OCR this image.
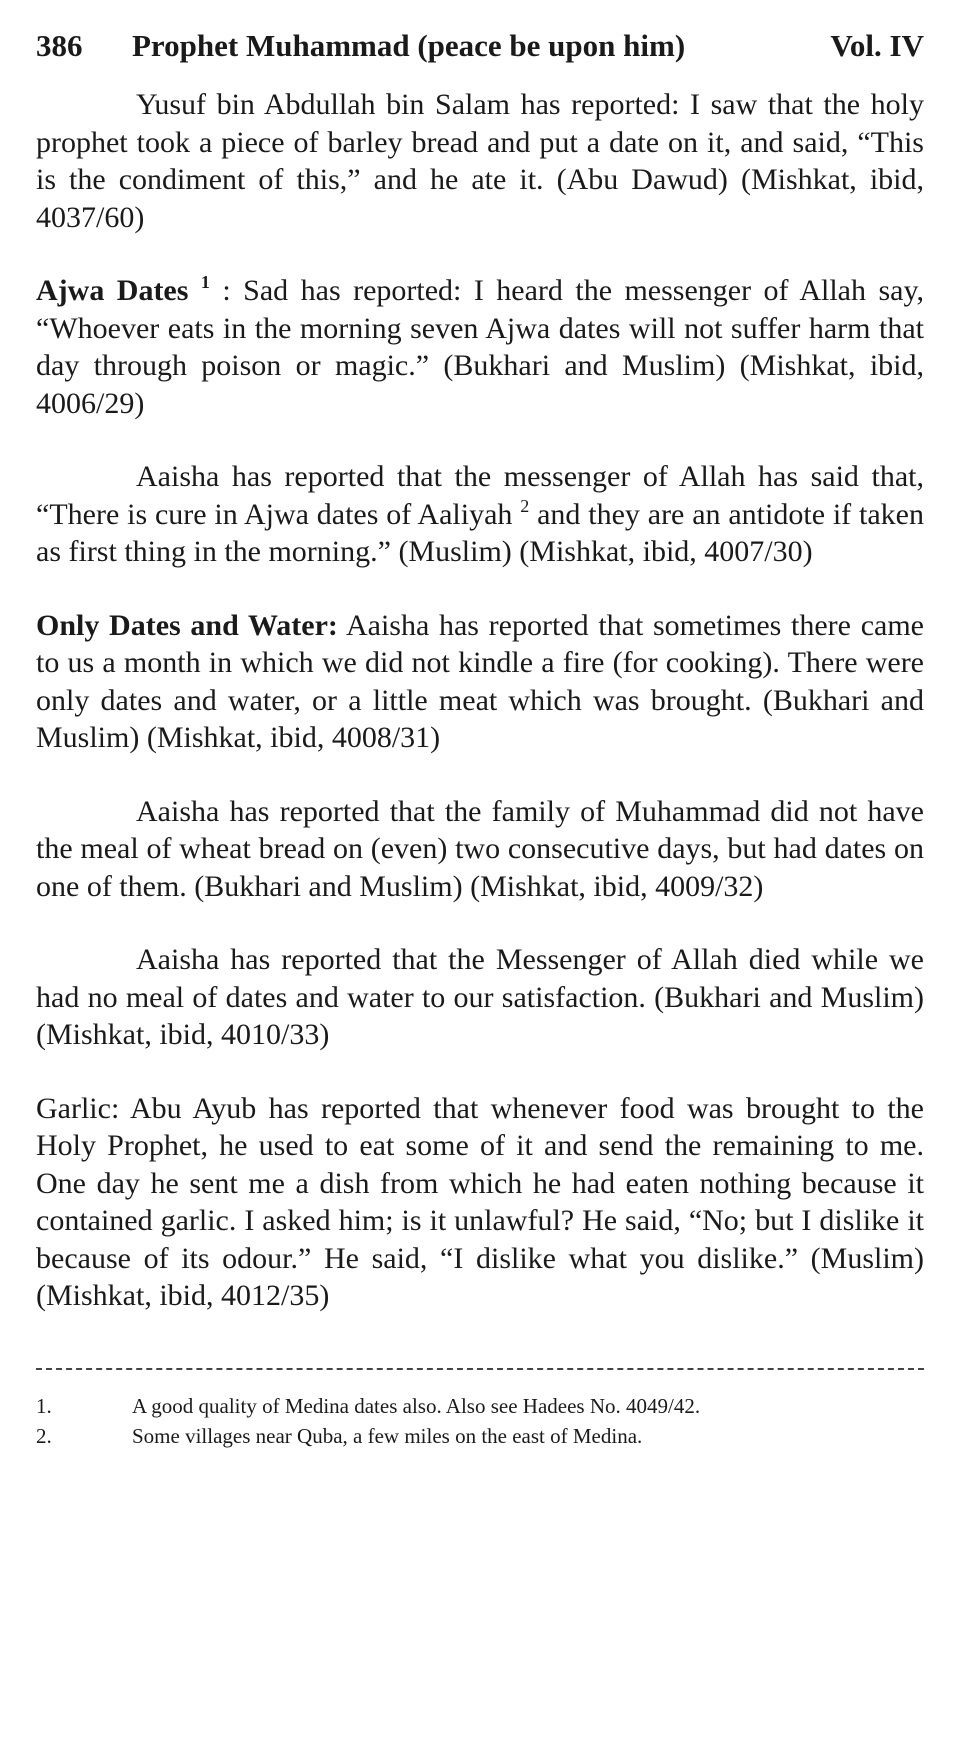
386	Prophet Muhammad (peace be upon him)	Vol. IV

Yusuf bin Abdullah bin Salam has reported: I saw that the holy prophet took a piece of barley bread and put a date on it, and said, “This is the condiment of this,” and he ate it. (Abu Dawud) (Mishkat, ibid, 4037/60)

Ajwa Dates $^1$ : Sad has reported: I heard the messenger of Allah say, “Whoever eats in the morning seven Ajwa dates will not suffer harm that day through poison or magic.” (Bukhari and Muslim) (Mishkat, ibid, 4006/29)

Aaisha has reported that the messenger of Allah has said that, “There is cure in Ajwa dates of Aaliyah $^2$ and they are an antidote if taken as first thing in the morning.” (Muslim) (Mishkat, ibid, 4007/30)

Only Dates and Water: Aaisha has reported that sometimes there came to us a month in which we did not kindle a fire (for cooking). There were only dates and water, or a little meat which was brought. (Bukhari and Muslim) (Mishkat, ibid, 4008/31)

Aaisha has reported that the family of Muhammad did not have the meal of wheat bread on (even) two consecutive days, but had dates on one of them. (Bukhari and Muslim) (Mishkat, ibid, 4009/32)

Aaisha has reported that the Messenger of Allah died while we had no meal of dates and water to our satisfaction. (Bukhari and Muslim) (Mishkat, ibid, 4010/33)

Garlic: Abu Ayub has reported that whenever food was brought to the Holy Prophet, he used to eat some of it and send the remaining to me. One day he sent me a dish from which he had eaten nothing because it contained garlic. I asked him; is it unlawful? He said, “No; but I dislike it because of its odour.” He said, “I dislike what you dislike.” (Muslim) (Mishkat, ibid, 4012/35)

1.	A good quality of Medina dates also. Also see Hadees No. 4049/42.
2.	Some villages near Quba, a few miles on the east of Medina.
